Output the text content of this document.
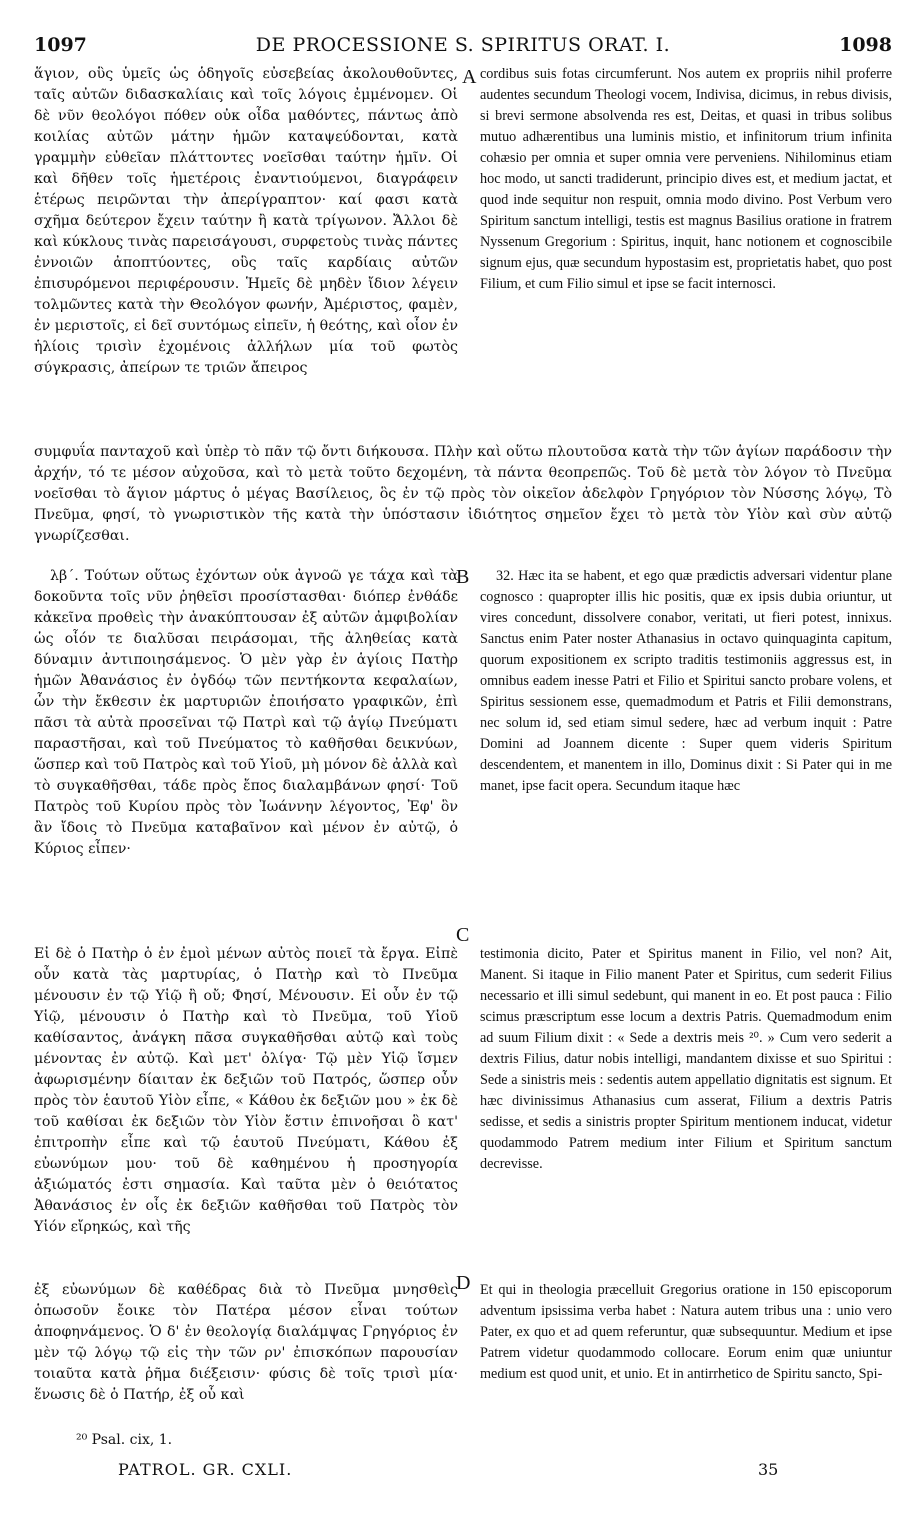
1097	DE PROCESSIONE S. SPIRITUS ORAT. I.	1098

ἅγιον, οὓς ὑμεῖς ὡς ὁδηγοῖς εὐσεβείας ἀκολουθοῦντες, ταῖς αὐτῶν διδασκαλίαις καὶ τοῖς λόγοις ἐμμένομεν. Οἱ δὲ νῦν θεολόγοι πόθεν οὐκ οἶδα μαθόντες, πάντως ἀπὸ κοιλίας αὐτῶν μάτην ἡμῶν καταψεύδονται, κατὰ γραμμὴν εὐθεῖαν πλάττοντες νοεῖσθαι ταύτην ἡμῖν. Οἱ καὶ δῆθεν τοῖς ἡμετέροις ἐναντιούμενοι, διαγράφειν ἑτέρως πειρῶνται τὴν ἀπερίγραπτον· καί φασι κατὰ σχῆμα δεύτερον ἔχειν ταύτην ἢ κατὰ τρίγωνον. Ἄλλοι δὲ καὶ κύκλους τινὰς παρεισάγουσι, συρφετοὺς τινὰς πάντες ἐννοιῶν ἀποπτύοντες, οὓς ταῖς καρδίαις αὐτῶν ἐπισυρόμενοι περιφέρουσιν. Ἡμεῖς δὲ μηδὲν ἴδιον λέγειν τολμῶντες κατὰ τὴν Θεολόγον φωνήν, Ἀμέριστος, φαμὲν, ἐν μεριστοῖς, εἰ δεῖ συντόμως εἰπεῖν, ἡ θεότης, καὶ οἷον ἐν ἡλίοις τρισὶν ἐχομένοις ἀλλήλων μία τοῦ φωτὸς σύγκρασις, ἀπείρων τε τριῶν ἄπειρος

A cordibus suis fotas circumferunt. Nos autem ex propriis nihil proferre audentes secundum Theologi vocem, Indivisa, dicimus, in rebus divisis, si brevi sermone absolvenda res est, Deitas, et quasi in tribus solibus mutuo adhærentibus una luminis mistio, et infinitorum trium infinita cohæsio per omnia et super omnia vere perveniens. Nihilominus etiam hoc modo, ut sancti tradiderunt, principio dives est, et medium jactat, et quod inde sequitur non respuit, omnia modo divino. Post Verbum vero Spiritum sanctum intelligi, testis est magnus Basilius oratione in fratrem Nyssenum Gregorium : Spiritus, inquit, hanc notionem et cognoscibile signum ejus, quæ secundum hypostasim est, proprietatis habet, quo post Filium, et cum Filio simul et ipse se facit internosci.

συμφυΐα πανταχοῦ καὶ ὑπὲρ τὸ πᾶν τῷ ὄντι διήκουσα. Πλὴν καὶ οὕτω πλουτοῦσα κατὰ τὴν τῶν ἁγίων παράδοσιν τὴν ἀρχήν, τό τε μέσον αὐχοῦσα, καὶ τὸ μετὰ τοῦτο δεχομένη, τὰ πάντα θεοπρεπῶς. Τοῦ δὲ μετὰ τὸν λόγον τὸ Πνεῦμα νοεῖσθαι τὸ ἅγιον μάρτυς ὁ μέγας Βασίλειος, ὃς ἐν τῷ πρὸς τὸν οἰκεῖον ἀδελφὸν Γρηγόριον τὸν Νύσσης λόγῳ, Τὸ Πνεῦμα, φησί, τὸ γνωριστικὸν τῆς κατὰ τὴν ὑπόστασιν ἰδιότητος σημεῖον ἔχει τὸ μετὰ τὸν Υἱὸν καὶ σὺν αὐτῷ γνωρίζεσθαι.

λβ΄. Τούτων οὕτως ἐχόντων οὐκ ἀγνοῶ γε τάχα καὶ τὰ δοκοῦντα τοῖς νῦν ῥηθεῖσι προσίστασθαι· διόπερ ἐνθάδε κἀκεῖνα προθεὶς τὴν ἀνακύπτουσαν ἐξ αὐτῶν ἀμφιβολίαν ὡς οἷόν τε διαλῦσαι πειράσομαι, τῆς ἀληθείας κατὰ δύναμιν ἀντιποιησάμενος. Ὁ μὲν γὰρ ἐν ἁγίοις Πατὴρ ἡμῶν Ἀθανάσιος ἐν ὀγδόῳ τῶν πεντήκοντα κεφαλαίων, ὧν τὴν ἔκθεσιν ἐκ μαρτυριῶν ἐποιήσατο γραφικῶν, ἐπὶ πᾶσι τὰ αὐτὰ προσεῖναι τῷ Πατρὶ καὶ τῷ ἁγίῳ Πνεύματι παραστῆσαι, καὶ τοῦ Πνεύματος τὸ καθῆσθαι δεικνύων, ὥσπερ καὶ τοῦ Πατρὸς καὶ τοῦ Υἱοῦ, μὴ μόνον δὲ ἀλλὰ καὶ τὸ συγκαθῆσθαι, τάδε πρὸς ἔπος διαλαμβάνων φησί· Τοῦ Πατρὸς τοῦ Κυρίου πρὸς τὸν Ἰωάννην λέγοντος, Ἐφ' ὃν ἂν ἴδοις τὸ Πνεῦμα καταβαῖνον καὶ μένον ἐν αὐτῷ, ὁ Κύριος εἶπεν·

B	32. Hæc ita se habent, et ego quæ prædictis adversari videntur plane cognosco : quapropter illis hic positis, quæ ex ipsis dubia oriuntur, ut vires concedunt, dissolvere conabor, veritati, ut fieri potest, innixus. Sanctus enim Pater noster Athanasius in octavo quinquaginta capitum, quorum expositionem ex scripto traditis testimoniis aggressus est, in omnibus eadem inesse Patri et Filio et Spiritui sancto probare volens, et Spiritus sessionem esse, quemadmodum et Patris et Filii demonstrans, nec solum id, sed etiam simul sedere, hæc ad verbum inquit : Patre Domini ad Joannem dicente : Super quem videris Spiritum descendentem, et manentem in illo, Dominus dixit : Si Pater qui in me manet, ipse facit opera. Secundum itaque hæc

Εἰ δὲ ὁ Πατὴρ ὁ ἐν ἐμοὶ μένων αὐτὸς ποιεῖ τὰ ἔργα. Εἰπὲ οὖν κατὰ τὰς μαρτυρίας, ὁ Πατὴρ καὶ τὸ Πνεῦμα μένουσιν ἐν τῷ Υἱῷ ἢ οὔ; Φησί, Μένουσιν. Εἰ οὖν ἐν τῷ Υἱῷ, μένουσιν ὁ Πατὴρ καὶ τὸ Πνεῦμα, τοῦ Υἱοῦ καθίσαντος, ἀνάγκη πᾶσα συγκαθῆσθαι αὐτῷ καὶ τοὺς μένοντας ἐν αὐτῷ. Καὶ μετ' ὀλίγα· Τῷ μὲν Υἱῷ ἴσμεν ἀφωρισμένην δίαιταν ἐκ δεξιῶν τοῦ Πατρός, ὥσπερ οὖν πρὸς τὸν ἑαυτοῦ Υἱὸν εἶπε, « Κάθου ἐκ δεξιῶν μου » ἐκ δὲ τοῦ καθίσαι ἐκ δεξιῶν τὸν Υἱὸν ἔστιν ἐπινοῆσαι ὃ κατ' ἐπιτροπὴν εἶπε καὶ τῷ ἑαυτοῦ Πνεύματι, Κάθου ἐξ εὐωνύμων μου· τοῦ δὲ καθημένου ἡ προσηγορία ἀξιώματός ἐστι σημασία. Καὶ ταῦτα μὲν ὁ θειότατος Ἀθανάσιος ἐν οἷς ἐκ δεξιῶν καθῆσθαι τοῦ Πατρὸς τὸν Υἱόν εἴρηκώς, καὶ τῆς

C

testimonia dicito, Pater et Spiritus manent in Filio, vel non? Ait, Manent. Si itaque in Filio manent Pater et Spiritus, cum sederit Filius necessario et illi simul sedebunt, qui manent in eo. Et post pauca : Filio scimus præscriptum esse locum a dextris Patris. Quemadmodum enim ad suum Filium dixit : « Sede a dextris meis ²⁰. » Cum vero sederit a dextris Filius, datur nobis intelligi, mandantem dixisse et suo Spiritui : Sede a sinistris meis : sedentis autem appellatio dignitatis est signum. Et hæc divinissimus Athanasius cum asserat, Filium a dextris Patris sedisse, et sedis a sinistris propter Spiritum mentionem inducat, videtur quodammodo Patrem medium inter Filium et Spiritum sanctum decrevisse.

ἐξ εὐωνύμων δὲ καθέδρας διὰ τὸ Πνεῦμα μνησθεὶς ὁπωσοῦν ἔοικε τὸν Πατέρα μέσον εἶναι τούτων ἀποφηνάμενος. Ὁ δ' ἐν θεολογίᾳ διαλάμψας Γρηγόριος ἐν μὲν τῷ λόγῳ τῷ εἰς τὴν τῶν ρν' ἐπισκόπων παρουσίαν τοιαῦτα κατὰ ῥῆμα διέξεισιν· φύσις δὲ τοῖς τρισὶ μία· ἕνωσις δὲ ὁ Πατήρ, ἐξ οὗ καὶ

D Et qui in theologia præcelluit Gregorius oratione in 150 episcoporum adventum ipsissima verba habet : Natura autem tribus una : unio vero Pater, ex quo et ad quem referuntur, quæ subsequuntur. Medium et ipse Patrem videtur quodammodo collocare. Eorum enim quæ uniuntur medium est quod unit, et unio. Et in antirrhetico de Spiritu sancto, Spi-

²⁰ Psal. cix, 1.
PATROL. GR. CXLI.	35
